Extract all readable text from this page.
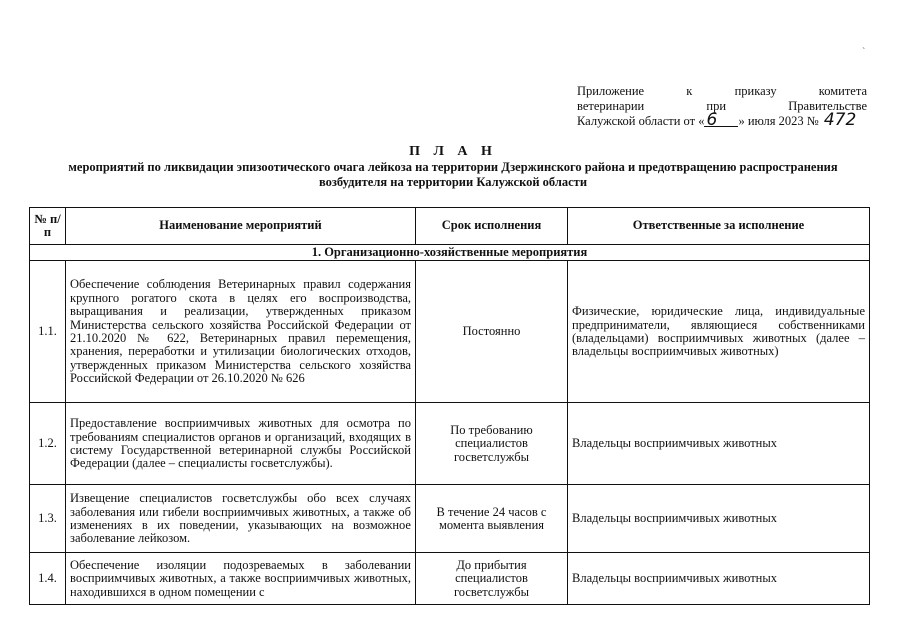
`
Приложение к приказу комитета
ветеринарии при Правительстве
Калужской области от « 6 » июля 2023 № 472
П Л А Н
мероприятий по ликвидации эпизоотического очага лейкоза на территории Дзержинского района и предотвращению распространения возбудителя на территории Калужской области
№ п/п	Наименование мероприятий	Срок исполнения	Ответственные за исполнение
1. Организационно-хозяйственные мероприятия			
1.1.	Обеспечение соблюдения Ветеринарных правил содержания крупного рогатого скота в целях его воспроизводства, выращивания и реализации, утвержденных приказом Министерства сельского хозяйства Российской Федерации от 21.10.2020 № 622, Ветеринарных правил перемещения, хранения, переработки и утилизации биологических отходов, утвержденных приказом Министерства сельского хозяйства Российской Федерации от 26.10.2020 № 626	Постоянно	Физические, юридические лица, индивидуальные предприниматели, являющиеся собственниками (владельцами) восприимчивых животных (далее – владельцы восприимчивых животных)
1.2.	Предоставление восприимчивых животных для осмотра по требованиям специалистов органов и организаций, входящих в систему Государственной ветеринарной службы Российской Федерации (далее – специалисты госветслужбы).	По требованию специалистов госветслужбы	Владельцы восприимчивых животных
1.3.	Извещение специалистов госветслужбы обо всех случаях заболевания или гибели восприимчивых животных, а также об изменениях в их поведении, указывающих на возможное заболевание лейкозом.	В течение 24 часов с момента выявления	Владельцы восприимчивых животных
1.4.	Обеспечение изоляции подозреваемых в заболевании восприимчивых животных, а также восприимчивых животных, находившихся в одном помещении с	До прибытия специалистов госветслужбы	Владельцы восприимчивых животных
